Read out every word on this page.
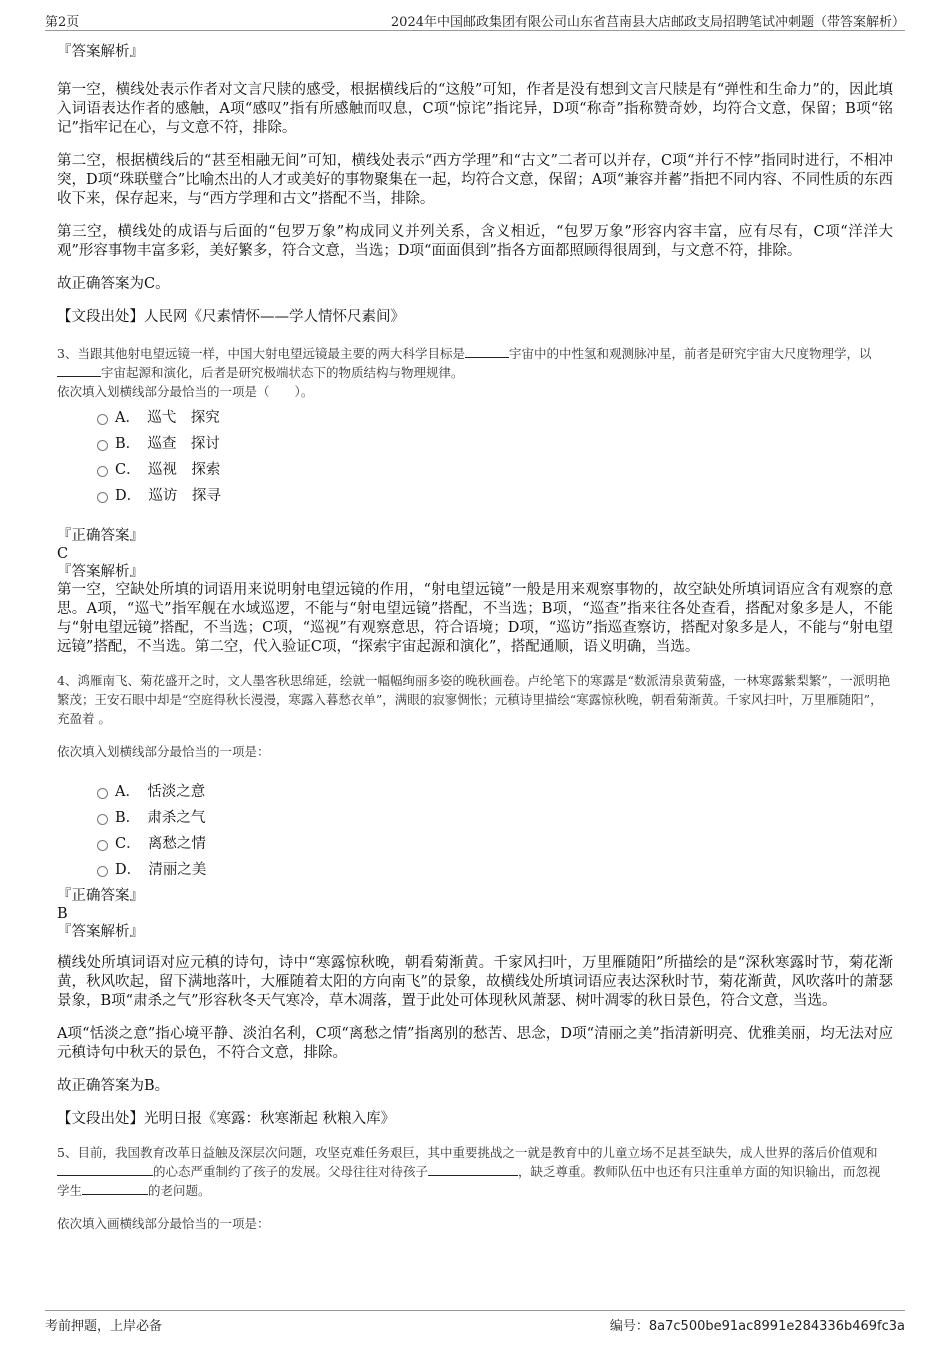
第2页	2024年中国邮政集团有限公司山东省莒南县大店邮政支局招聘笔试冲刺题（带答案解析）

『答案解析』

第一空，横线处表示作者对文言尺牍的感受，根据横线后的“这般”可知，作者是没有想到文言尺牍是有“弹性和生命力”的，因此填入词语表达作者的感触，A项“感叹”指有所感触而叹息，C项“惊诧”指诧异，D项“称奇”指称赞奇妙，均符合文意，保留；B项“铭记”指牢记在心，与文意不符，排除。

第二空，根据横线后的“甚至相融无间”可知，横线处表示“西方学理”和“古文”二者可以并存，C项“并行不悖”指同时进行，不相冲突，D项“珠联璧合”比喻杰出的人才或美好的事物聚集在一起，均符合文意，保留；A项“兼容并蓄”指把不同内容、不同性质的东西收下来，保存起来，与“西方学理和古文”搭配不当，排除。

第三空，横线处的成语与后面的“包罗万象”构成同义并列关系，含义相近，“包罗万象”形容内容丰富，应有尽有，C项“洋洋大观”形容事物丰富多彩，美好繁多，符合文意，当选；D项“面面俱到”指各方面都照顾得很周到，与文意不符，排除。

故正确答案为C。

【文段出处】人民网《尺素情怀——学人情怀尺素间》

3、当跟其他射电望远镜一样，中国大射电望远镜最主要的两大科学目标是	宇宙中的中性氢和观测脉冲星，前者是研究宇宙大尺度物理学，以宇宙起源和演化，后者是研究极端状态下的物质结构与物理规律。

依次填入划横线部分最恰当的一项是（　　）。

A．　巡弋　探究
B．　巡查　探讨
C．　巡视　探索
D．　巡访　探寻

『正确答案』

C

『答案解析』

第一空，空缺处所填的词语用来说明射电望远镜的作用，“射电望远镜”一般是用来观察事物的，故空缺处所填词语应含有观察的意思。A项，“巡弋”指军舰在水域巡逻，不能与“射电望远镜”搭配，不当选；B项，“巡查”指来往各处查看，搭配对象多是人，不能与“射电望远镜”搭配，不当选；C项，“巡视”有观察意思，符合语境；D项，“巡访”指巡查察访，搭配对象多是人，不能与“射电望远镜”搭配，不当选。第二空，代入验证C项，“探索宇宙起源和演化”，搭配通顺，语义明确，当选。

4、鸿雁南飞、菊花盛开之时，文人墨客秋思绵延，绘就一幅幅绚丽多姿的晚秋画卷。卢纶笔下的寒露是“数派清泉黄菊盛，一林寒露紫梨繁”，一派明艳繁茂；王安石眼中却是“空庭得秋长漫漫，寒露入暮愁衣单”，满眼的寂寥惆怅；元稹诗里描绘“寒露惊秋晚，朝看菊渐黄。千家风扫叶，万里雁随阳”，充盈着 。

依次填入划横线部分最恰当的一项是：

A．　恬淡之意
B．　肃杀之气
C．　离愁之情
D．　清丽之美

『正确答案』

B

『答案解析』

横线处所填词语对应元稹的诗句，诗中“寒露惊秋晚，朝看菊渐黄。千家风扫叶，万里雁随阳”所描绘的是“深秋寒露时节，菊花渐黄，秋风吹起，留下满地落叶，大雁随着太阳的方向南飞”的景象，故横线处所填词语应表达深秋时节，菊花渐黄，风吹落叶的萧瑟景象，B项“肃杀之气”形容秋冬天气寒冷，草木凋落，置于此处可体现秋风萧瑟、树叶凋零的秋日景色，符合文意，当选。

A项“恬淡之意”指心境平静、淡泊名利，C项“离愁之情”指离别的愁苦、思念，D项“清丽之美”指清新明亮、优雅美丽，均无法对应元稹诗句中秋天的景色，不符合文意，排除。

故正确答案为B。

【文段出处】光明日报《寒露：秋寒渐起 秋粮入库》

5、目前，我国教育改革日益触及深层次问题，攻坚克难任务艰巨，其中重要挑战之一就是教育中的儿童立场不足甚至缺失，成人世界的落后价值观和的心态严重制约了孩子的发展。父母往往对待孩子	，缺乏尊重。教师队伍中也还有只注重单方面的知识输出，而忽视学生	的老问题。

依次填入画横线部分最恰当的一项是：

考前押题，上岸必备	编号：8a7c500be91ac8991e284336b469fc3a
